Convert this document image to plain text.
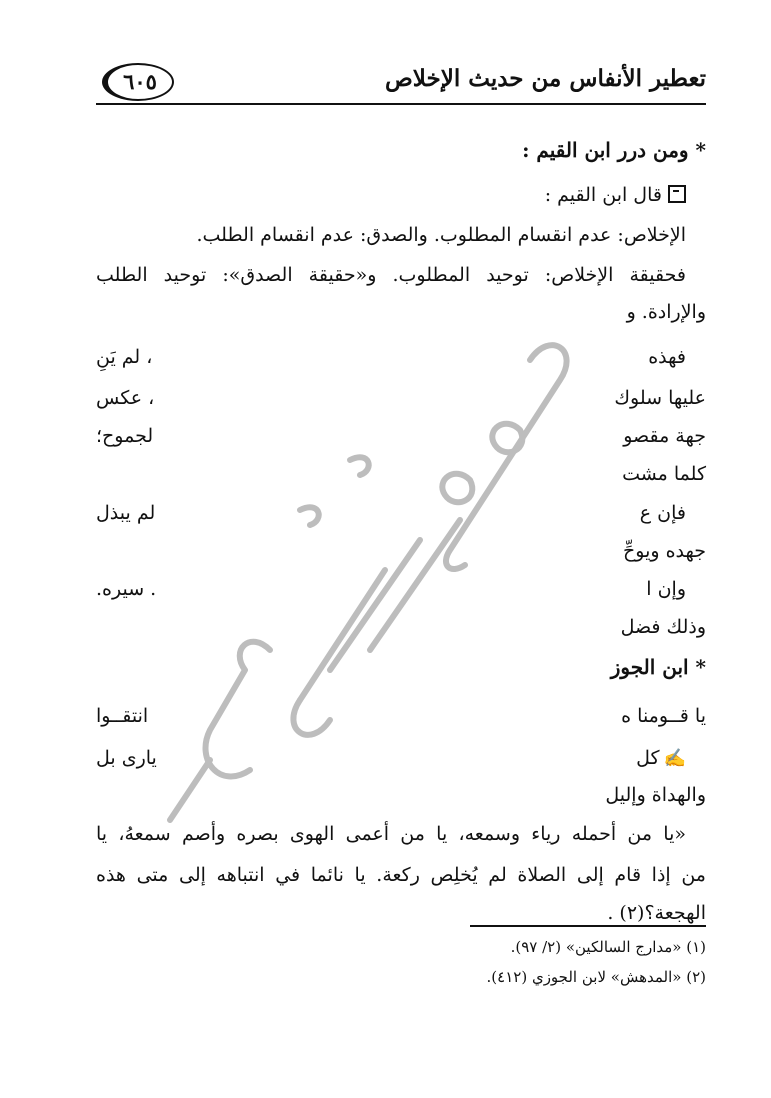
تعطير الأنفاس من حديث الإخلاص
٦٠٥
* ومن درر ابن القيم :
قال ابن القيم :
الإخلاص: عدم انقسام المطلوب. والصدق: عدم انقسام الطلب.
فحقيقة الإخلاص: توحيد المطلوب. و«حقيقة الصدق»: توحيد الطلب
والإرادة. و
فهذه
، لم يَنِ
عليها سلوك
، عكس
جهة مقصو
لجموح؛
كلما مشت
فإن ع
لم يبذل
جهده ويوحِّ
وإن ا
. سيره.
وذلك فضل
* ابن الجوز
يا قــومنا ه
انتقــوا
✍كل
يارى بل
والهداة وإليل
«يا من أحمله رياء وسمعه، يا من أعمى الهوى بصره وأصم سمعهُ، يا
من إذا قام إلى الصلاة لم يُخلِص ركعة. يا نائما في انتباهه إلى متى هذه
الهجعة؟(٢) .
(١) «مدارج السالكين» (٢/ ٩٧).
(٢) «المدهش» لابن الجوزي (٤١٢).
